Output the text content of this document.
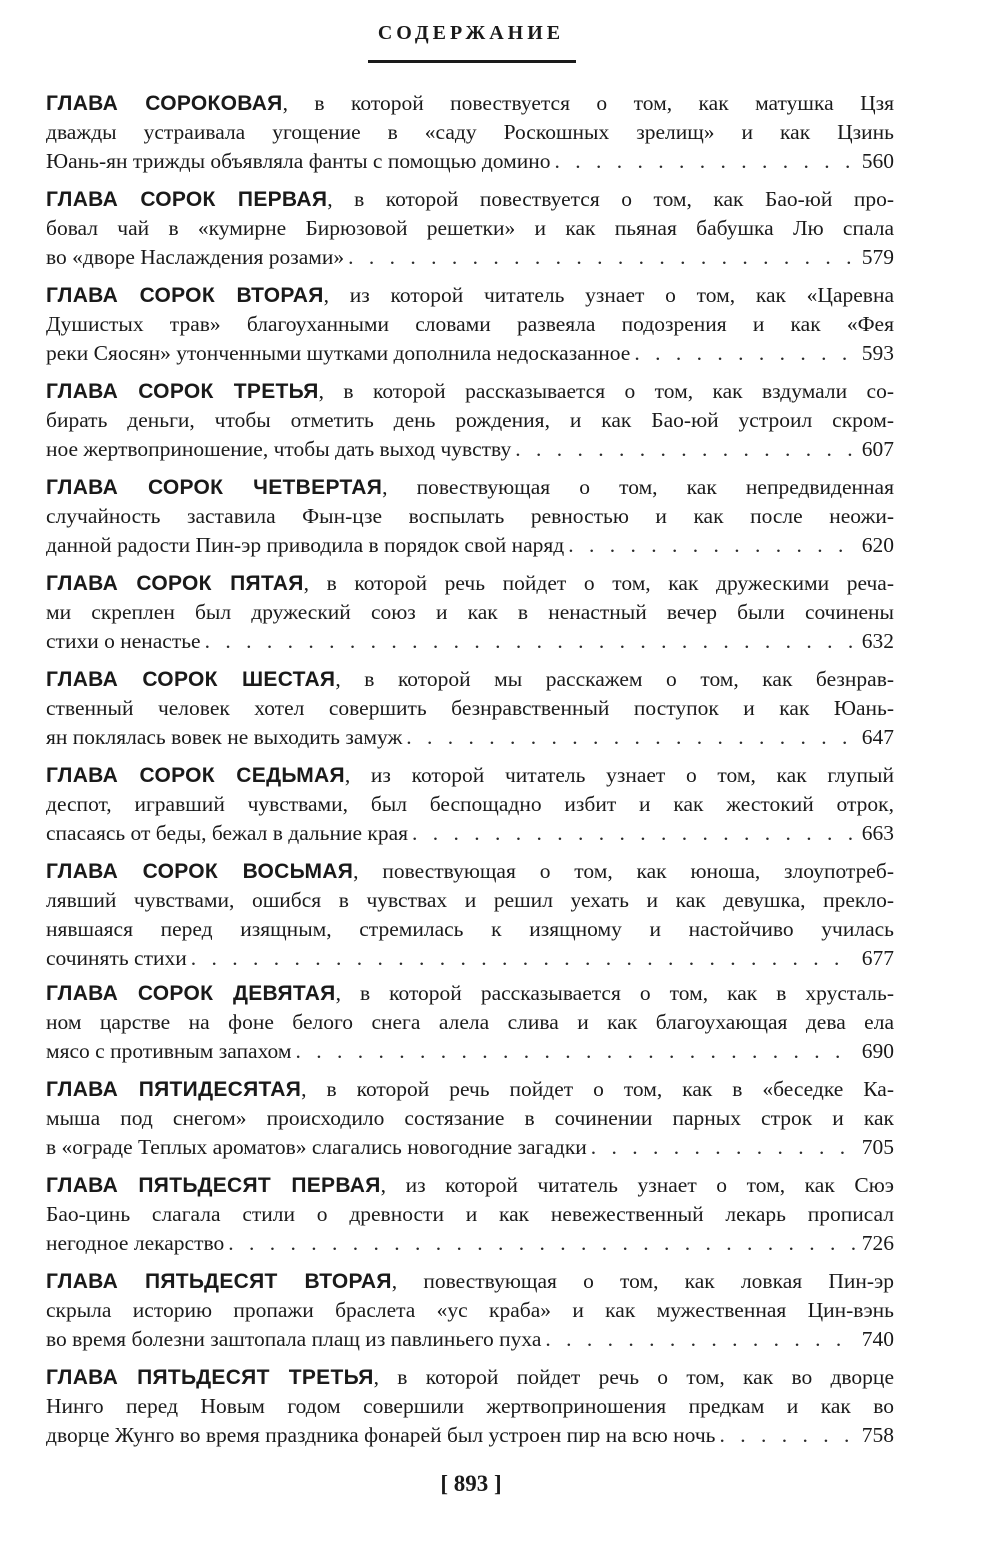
СОДЕРЖАНИЕ
ГЛАВА СОРОКОВАЯ, в которой повествуется о том, как матушка Цзя
дважды устраивала угощение в «саду Роскошных зрелищ» и как Цзинь
Юань-ян трижды объявляла фанты с помощью домино . . .	560
ГЛАВА СОРОК ПЕРВАЯ, в которой повествуется о том, как Бао-юй про-
бовал чай в «кумирне Бирюзовой решетки» и как пьяная бабушка Лю спала
во «дворе Наслаждения розами» . . .	579
ГЛАВА СОРОК ВТОРАЯ, из которой читатель узнает о том, как «Царевна
Душистых трав» благоуханными словами развеяла подозрения и как «Фея
реки Сяосян» утонченными шутками дополнила недосказанное . . .	593
ГЛАВА СОРОК ТРЕТЬЯ, в которой рассказывается о том, как вздумали со-
бирать деньги, чтобы отметить день рождения, и как Бао-юй устроил скром-
ное жертвоприношение, чтобы дать выход чувству . . .	607
ГЛАВА СОРОК ЧЕТВЕРТАЯ, повествующая о том, как непредвиденная
случайность заставила Фын-цзе воспылать ревностью и как после неожи-
данной радости Пин-эр приводила в порядок свой наряд . . .	620
ГЛАВА СОРОК ПЯТАЯ, в которой речь пойдет о том, как дружескими реча-
ми скреплен был дружеский союз и как в ненастный вечер были сочинены
стихи о ненастье . . .	632
ГЛАВА СОРОК ШЕСТАЯ, в которой мы расскажем о том, как безнрав-
ственный человек хотел совершить безнравственный поступок и как Юань-
ян поклялась вовек не выходить замуж . . .	647
ГЛАВА СОРОК СЕДЬМАЯ, из которой читатель узнает о том, как глупый
деспот, игравший чувствами, был беспощадно избит и как жестокий отрок,
спасаясь от беды, бежал в дальние края . . .	663
ГЛАВА СОРОК ВОСЬМАЯ, повествующая о том, как юноша, злоупотреб-
лявший чувствами, ошибся в чувствах и решил уехать и как девушка, прекло-
нявшаяся перед изящным, стремилась к изящному и настойчиво училась
сочинять стихи . . .	677
ГЛАВА СОРОК ДЕВЯТАЯ, в которой рассказывается о том, как в хрусталь-
ном царстве на фоне белого снега алела слива и как благоухающая дева ела
мясо с противным запахом . . .	690
ГЛАВА ПЯТИДЕСЯТАЯ, в которой речь пойдет о том, как в «беседке Ка-
мыша под снегом» происходило состязание в сочинении парных строк и как
в «ограде Теплых ароматов» слагались новогодние загадки . . .	705
ГЛАВА ПЯТЬДЕСЯТ ПЕРВАЯ, из которой читатель узнает о том, как Сюэ
Бао-цинь слагала стили о древности и как невежественный лекарь прописал
негодное лекарство . . .	726
ГЛАВА ПЯТЬДЕСЯТ ВТОРАЯ, повествующая о том, как ловкая Пин-эр
скрыла историю пропажи браслета «ус краба» и как мужественная Цин-вэнь
во время болезни заштопала плащ из павлиньего пуха . . .	740
ГЛАВА ПЯТЬДЕСЯТ ТРЕТЬЯ, в которой пойдет речь о том, как во дворце
Нинго перед Новым годом совершили жертвоприношения предкам и как во
дворце Жунго во время праздника фонарей был устроен пир на всю ночь . . .	758
[ 893 ]
